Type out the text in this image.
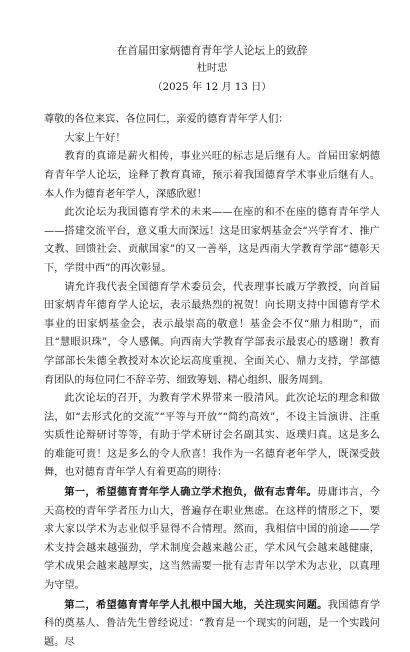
在首届田家炳德育青年学人论坛上的致辞

杜时忠

（2025 年 12 月 13 日）

尊敬的各位来宾、各位同仁，亲爱的德育青年学人们：

大家上午好！

教育的真谛是薪火相传，事业兴旺的标志是后继有人。首届田家炳德育青年学人论坛，诠释了教育真谛，预示着我国德育学术事业后继有人。本人作为德育老年学人，深感欣慰！

此次论坛为我国德育学术的未来——在座的和不在座的德育青年学人——搭建交流平台，意义重大而深远！这是田家炳基金会“兴学育才、推广文教、回馈社会、贡献国家”的又一善举，这是西南大学教育学部“德彰天下，学贯中西”的再次彰显。

请允许我代表全国德育学术委员会，代表理事长戚万学教授，向首届田家炳青年德育学人论坛，表示最热烈的祝贺！向长期支持中国德育学术事业的田家炳基金会，表示最崇高的敬意！基金会不仅“鼎力相助”，而且“慧眼识珠”，令人感佩。向西南大学教育学部表示最衷心的感谢！教育学部部长朱德全教授对本次论坛高度重视、全面关心、鼎力支持，学部德育团队的每位同仁不辞辛劳、细致筹划、精心组织、服务周到。

此次论坛的召开，为教育学术界带来一股清风。此次论坛的理念和做法，如“去形式化的交流”“平等与开放”“简约高效”，不设主旨演讲、注重实质性论辩研讨等等，有助于学术研讨会名副其实、返璞归真。这是多么的难能可贵！这是多么的令人欣喜！我作为一名德育老年学人，既深受鼓舞，也对德育青年学人有着更高的期待：

第一，希望德育青年学人确立学术抱负，做有志青年。毋庸讳言，今天高校的青年学者压力山大，普遍存在职业焦虑。在这样的情形之下，要求大家以学术为志业似乎显得不合情理。然而，我相信中国的前途——学术支持会越来越强劲，学术制度会越来越公正，学术风气会越来越健康，学术成果会越来越厚实，这当然需要一批有志青年以学术为志业，以真理为守望。

第二，希望德育青年学人扎根中国大地，关注现实问题。我国德育学科的奠基人、鲁洁先生曾经说过：“教育是一个现实的问题，是一个实践问题。尽
